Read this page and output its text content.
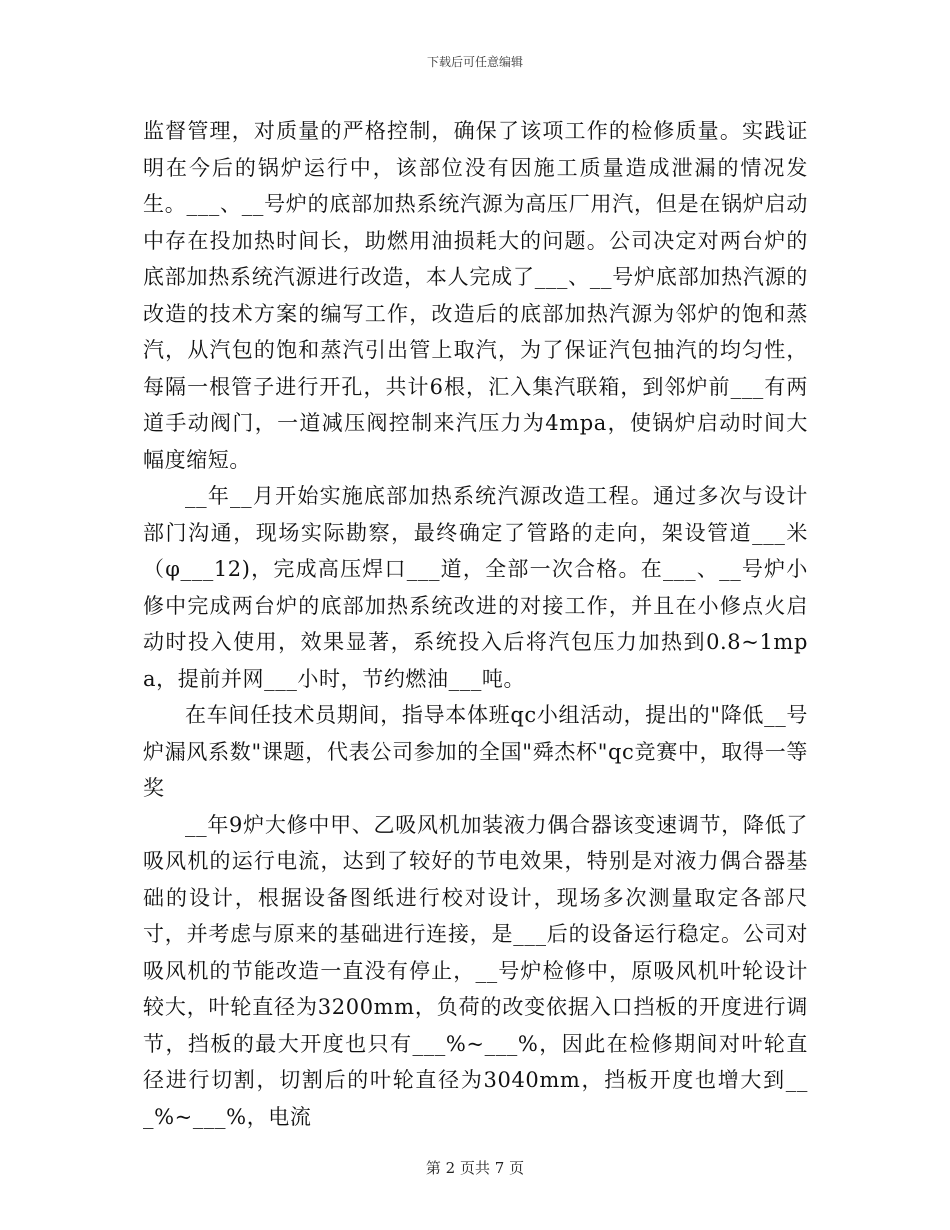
下载后可任意编辑

监督管理，对质量的严格控制，确保了该项工作的检修质量。实践证明在今后的锅炉运行中，该部位没有因施工质量造成泄漏的情况发生。___、__号炉的底部加热系统汽源为高压厂用汽，但是在锅炉启动中存在投加热时间长，助燃用油损耗大的问题。公司决定对两台炉的底部加热系统汽源进行改造，本人完成了___、__号炉底部加热汽源的改造的技术方案的编写工作，改造后的底部加热汽源为邻炉的饱和蒸汽，从汽包的饱和蒸汽引出管上取汽，为了保证汽包抽汽的均匀性，每隔一根管子进行开孔，共计6根，汇入集汽联箱，到邻炉前___有两道手动阀门，一道减压阀控制来汽压力为4mpa，使锅炉启动时间大幅度缩短。

__年__月开始实施底部加热系统汽源改造工程。通过多次与设计部门沟通，现场实际勘察，最终确定了管路的走向，架设管道___米（φ___12)，完成高压焊口___道，全部一次合格。在___、__号炉小修中完成两台炉的底部加热系统改进的对接工作，并且在小修点火启动时投入使用，效果显著，系统投入后将汽包压力加热到0.8~1mpa，提前并网___小时，节约燃油___吨。

在车间任技术员期间，指导本体班qc小组活动，提出的"降低__号炉漏风系数"课题，代表公司参加的全国"舜杰杯"qc竞赛中，取得一等奖

__年9炉大修中甲、乙吸风机加装液力偶合器该变速调节，降低了吸风机的运行电流，达到了较好的节电效果，特别是对液力偶合器基础的设计，根据设备图纸进行校对设计，现场多次测量取定各部尺寸，并考虑与原来的基础进行连接，是___后的设备运行稳定。公司对吸风机的节能改造一直没有停止，__号炉检修中，原吸风机叶轮设计较大，叶轮直径为3200mm，负荷的改变依据入口挡板的开度进行调节，挡板的最大开度也只有___%~___%，因此在检修期间对叶轮直径进行切割，切割后的叶轮直径为3040mm，挡板开度也增大到___%~___%，电流

第 2 页共 7 页
